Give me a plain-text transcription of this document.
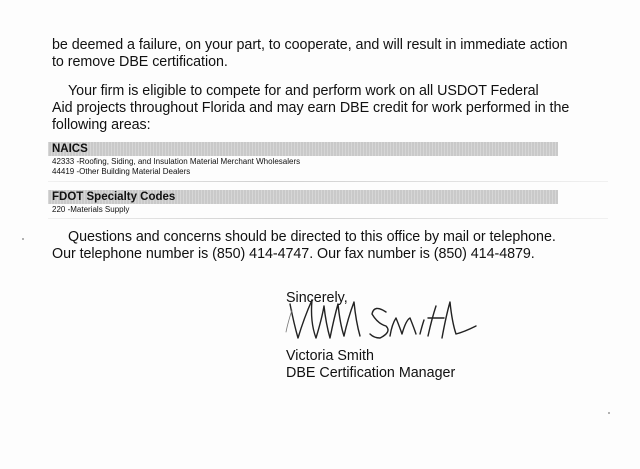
be deemed a failure, on your part, to cooperate, and will result in immediate action
to remove DBE certification.
Your firm is eligible to compete for and perform work on all USDOT Federal
Aid projects throughout Florida and may earn DBE credit for work performed in the
following areas:
NAICS
42333 -Roofing, Siding, and Insulation Material Merchant Wholesalers
44419 -Other Building Material Dealers
FDOT Specialty Codes
220 -Materials Supply
Questions and concerns should be directed to this office by mail or telephone.
Our telephone number is (850) 414-4747. Our fax number is (850) 414-4879.
Sincerely,
Victoria Smith
DBE Certification Manager
